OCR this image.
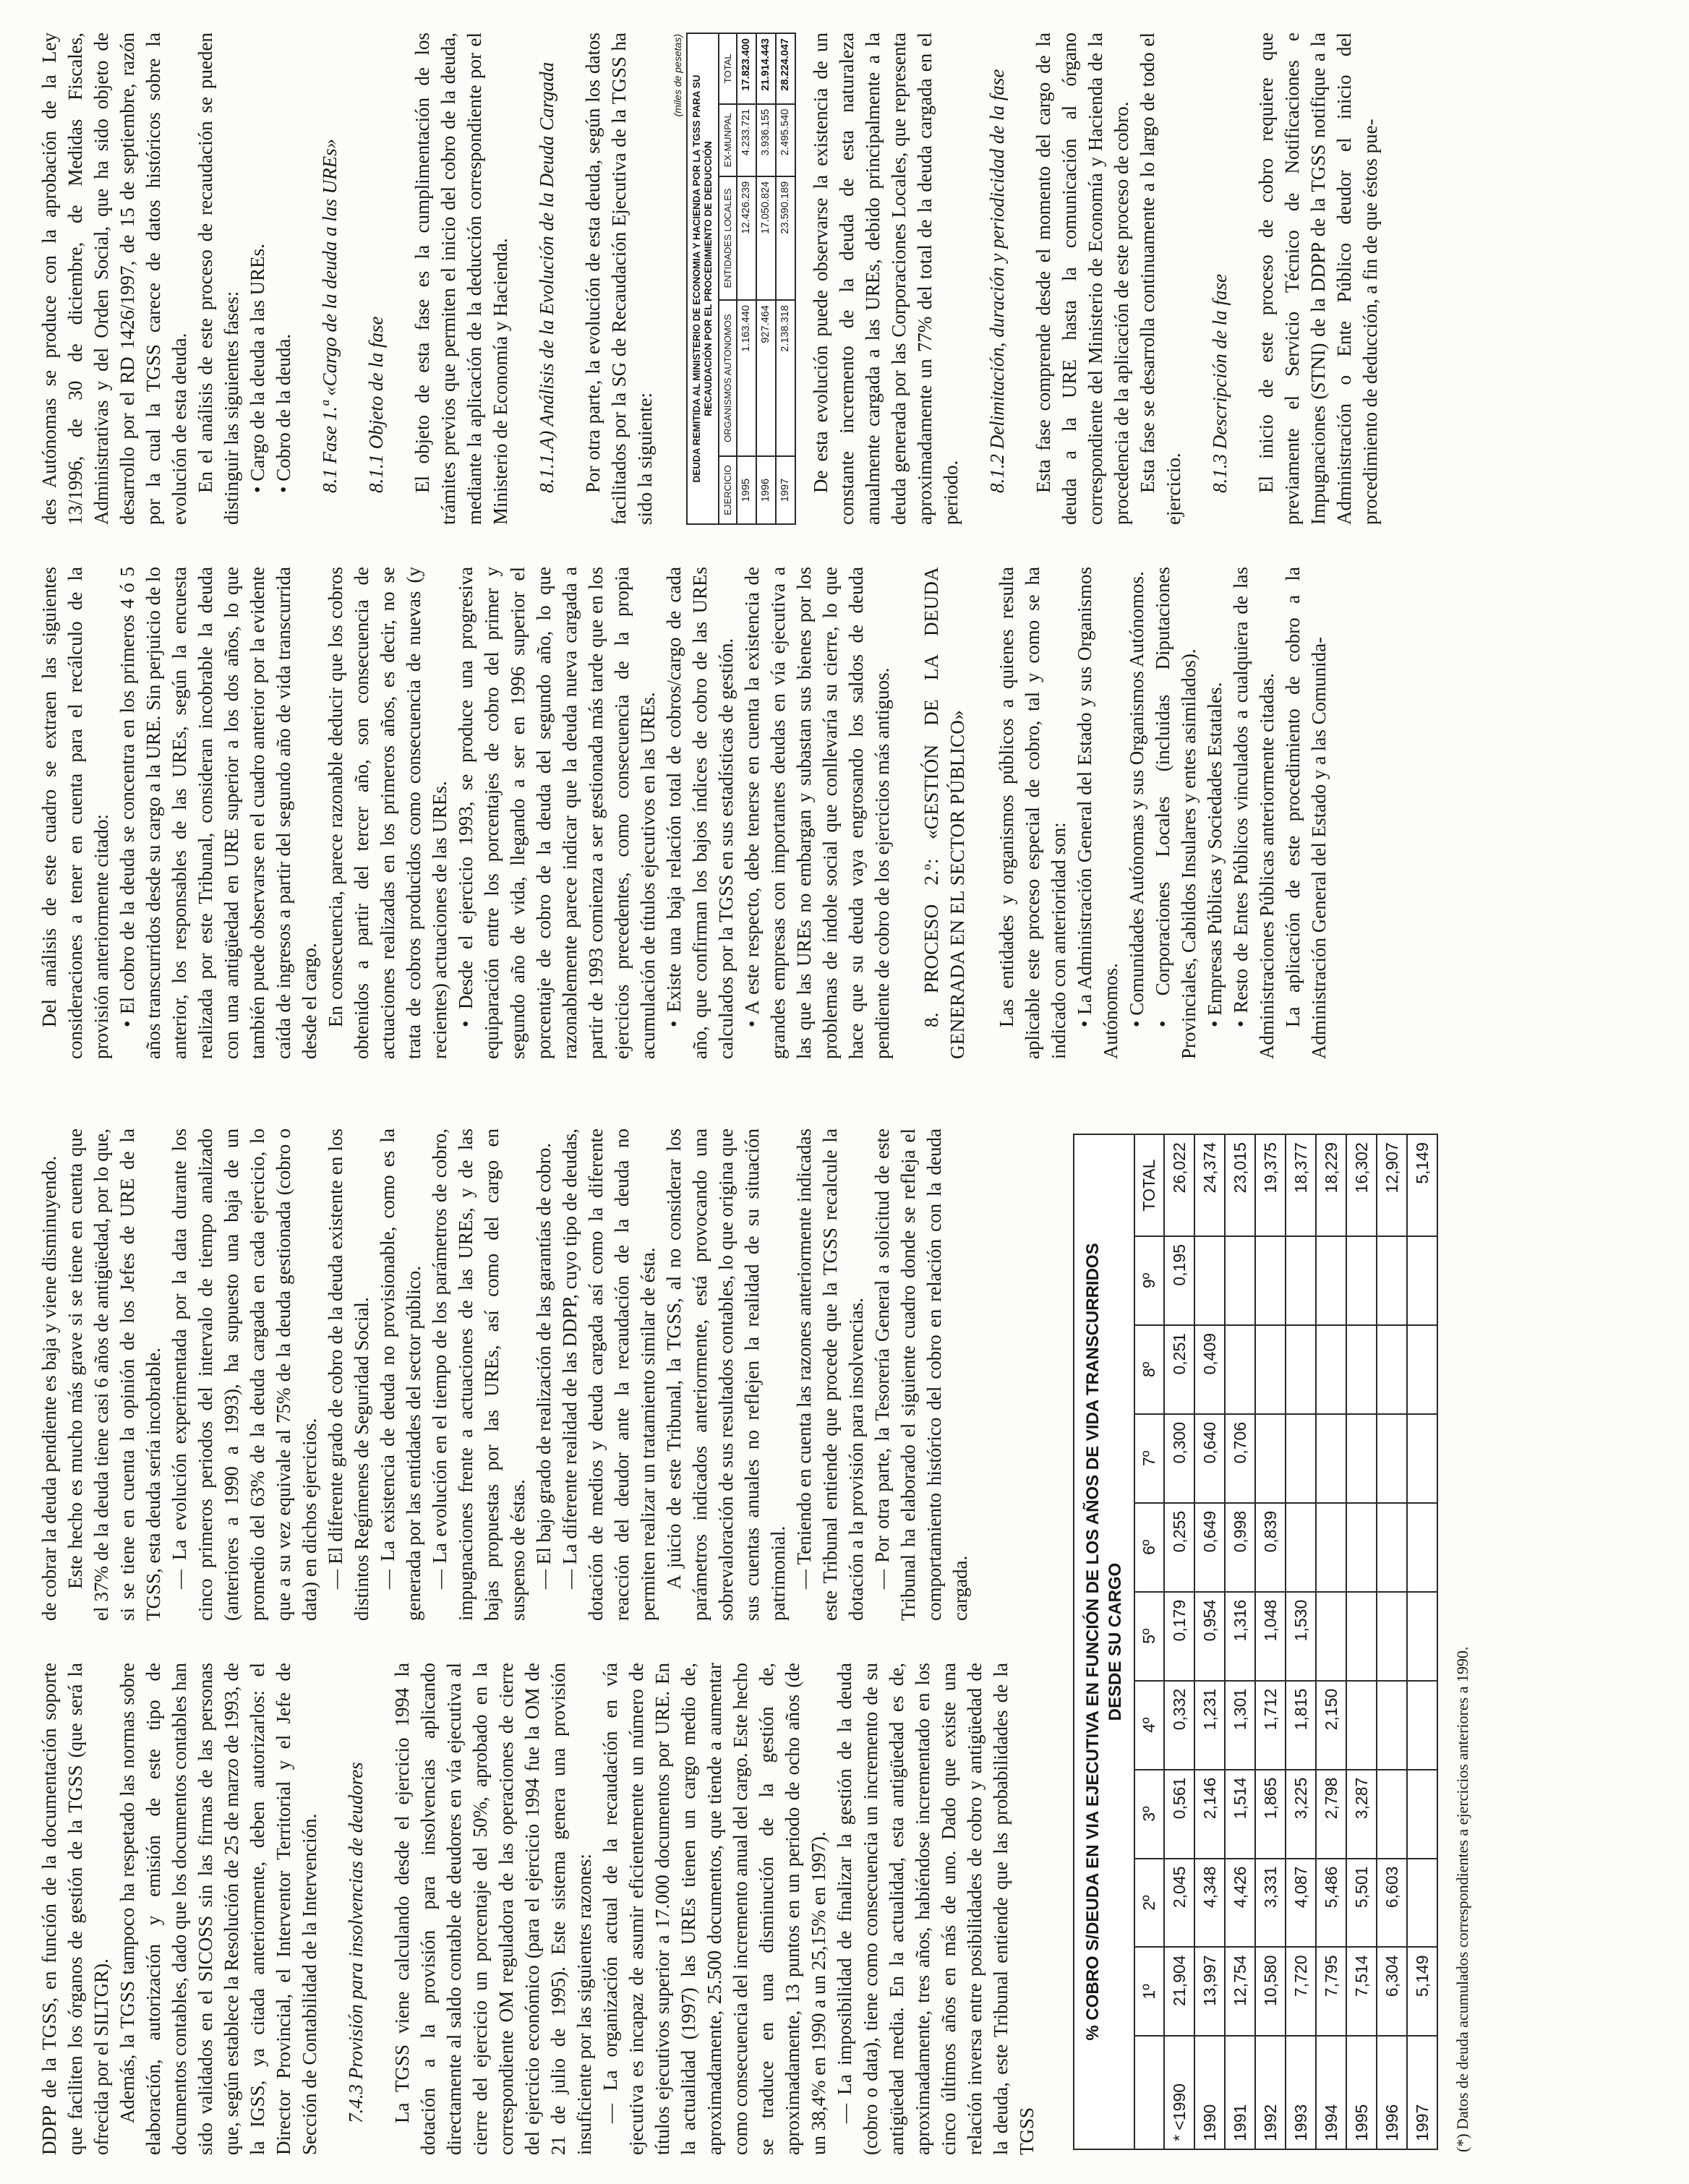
DDPP de la TGSS, en función de la documentación soporte que faciliten los órganos de gestión de la TGSS (que será la ofrecida por el SILTGR). Además, la TGSS tampoco ha respetado las normas sobre elaboración, autorización y emisión de este tipo de documentos contables, dado que los documentos contables han sido validados en el SICOSS sin las firmas de las personas que, según establece la Resolución de 25 de marzo de 1993, de la IGSS, ya citada anteriormente, deben autorizarlos: el Director Provincial, el Interventor Territorial y el Jefe de Sección de Contabilidad de la Intervención. 7.4.3 Provisión para insolvencias de deudores La TGSS viene calculando desde el ejercicio 1994 la dotación a la provisión para insolvencias aplicando directamente al saldo contable de deudores en vía ejecutiva al cierre del ejercicio un porcentaje del 50%, aprobado en la correspondiente OM reguladora de las operaciones de cierre del ejercicio económico (para el ejercicio 1994 fue la OM de 21 de julio de 1995). Este sistema genera una provisión insuficiente por las siguientes razones: — La organización actual de la recaudación en vía ejecutiva es incapaz de asumir eficientemente un número de títulos ejecutivos superior a 17.000 documentos por URE. En la actualidad (1997) las UREs tienen un cargo medio de, aproximadamente, 25.500 documentos, que tiende a aumentar como consecuencia del incremento anual del cargo. Este hecho se traduce en una disminución de la gestión de, aproximadamente, 13 puntos en un periodo de ocho años (de un 38,4% en 1990 a un 25,15% en 1997). — La imposibilidad de finalizar la gestión de la deuda (cobro o data), tiene como consecuencia un incremento de su antigüedad media. En la actualidad, esta antigüedad es de, aproximadamente, tres años, habiéndose incrementado en los cinco últimos años en más de uno. Dado que existe una relación inversa entre posibilidades de cobro y antigüedad de la deuda, este Tribunal entiende que las probabilidades de la TGSS

de cobrar la deuda pendiente es baja y viene disminuyendo. Este hecho es mucho más grave si se tiene en cuenta que el 37% de la deuda tiene casi 6 años de antigüedad, por lo que, si se tiene en cuenta la opinión de los Jefes de URE de la TGSS, esta deuda sería incobrable. — La evolución experimentada por la data durante los cinco primeros periodos del intervalo de tiempo analizado (anteriores a 1990 a 1993), ha supuesto una baja de un promedio del 63% de la deuda cargada en cada ejercicio, lo que a su vez equivale al 75% de la deuda gestionada (cobro o data) en dichos ejercicios. — El diferente grado de cobro de la deuda existente en los distintos Regímenes de Seguridad Social. — La existencia de deuda no provisionable, como es la generada por las entidades del sector público. — La evolución en el tiempo de los parámetros de cobro, impugnaciones frente a actuaciones de las UREs, y de las bajas propuestas por las UREs, así como del cargo en suspenso de éstas. — El bajo grado de realización de las garantías de cobro. — La diferente realidad de las DDPP, cuyo tipo de deudas, dotación de medios y deuda cargada así como la diferente reacción del deudor ante la recaudación de la deuda no permiten realizar un tratamiento similar de ésta. A juicio de este Tribunal, la TGSS, al no considerar los parámetros indicados anteriormente, está provocando una sobrevaloración de sus resultados contables, lo que origina que sus cuentas anuales no reflejen la realidad de su situación patrimonial. — Teniendo en cuenta las razones anteriormente indicadas este Tribunal entiende que procede que la TGSS recalcule la dotación a la provisión para insolvencias. — Por otra parte, la Tesorería General a solicitud de este Tribunal ha elaborado el siguiente cuadro donde se refleja el comportamiento histórico del cobro en relación con la deuda cargada.	% COBRO S/DEUDA EN VIA EJECUTIVA EN FUNCIÓN DE LOS AÑOS DE VIDA TRANSCURRIDOS DESDE SU CARGO										

	1º	2º	3º	4º	5º	6º	7º	8º	9º	TOTAL
* <1990	21,904	2,045	0,561	0,332	0,179	0,255	0,300	0,251	0,195	26,022
1990	13,997	4,348	2,146	1,231	0,954	0,649	0,640	0,409		24,374
1991	12,754	4,426	1,514	1,301	1,316	0,998	0,706			23,015
1992	10,580	3,331	1,865	1,712	1,048	0,839				19,375
1993	7,720	4,087	3,225	1,815	1,530					18,377
1994	7,795	5,486	2,798	2,150						18,229
1995	7,514	5,501	3,287							16,302
1996	6,304	6,603								12,907
1997	5,149									5,149

(*) Datos de deuda acumulados correspondientes a ejercicios anteriores a 1990.

Del análisis de este cuadro se extraen las siguientes consideraciones a tener en cuenta para el recálculo de la provisión anteriormente citado: • El cobro de la deuda se concentra en los primeros 4 ó 5 años transcurridos desde su cargo a la URE. Sin perjuicio de lo anterior, los responsables de las UREs, según la encuesta realizada por este Tribunal, consideran incobrable la deuda con una antigüedad en URE superior a los dos años, lo que también puede observarse en el cuadro anterior por la evidente caída de ingresos a partir del segundo año de vida transcurrida desde el cargo. En consecuencia, parece razonable deducir que los cobros obtenidos a partir del tercer año, son consecuencia de actuaciones realizadas en los primeros años, es decir, no se trata de cobros producidos como consecuencia de nuevas (y recientes) actuaciones de las UREs. • Desde el ejercicio 1993, se produce una progresiva equiparación entre los porcentajes de cobro del primer y segundo año de vida, llegando a ser en 1996 superior el porcentaje de cobro de la deuda del segundo año, lo que razonablemente parece indicar que la deuda nueva cargada a partir de 1993 comienza a ser gestionada más tarde que en los ejercicios precedentes, como consecuencia de la propia acumulación de títulos ejecutivos en las UREs. • Existe una baja relación total de cobros/cargo de cada año, que confirman los bajos índices de cobro de las UREs calculados por la TGSS en sus estadísticas de gestión. • A este respecto, debe tenerse en cuenta la existencia de grandes empresas con importantes deudas en vía ejecutiva a las que las UREs no embargan y subastan sus bienes por los problemas de índole social que conllevaría su cierre, lo que hace que su deuda vaya engrosando los saldos de deuda pendiente de cobro de los ejercicios más antiguos. 8. PROCESO 2.º: «GESTIÓN DE LA DEUDA GENERADA EN EL SECTOR PÚBLICO» Las entidades y organismos públicos a quienes resulta aplicable este proceso especial de cobro, tal y como se ha indicado con anterioridad son: • La Administración General del Estado y sus Organismos Autónomos. • Comunidades Autónomas y sus Organismos Autónomos. • Corporaciones Locales (incluidas Diputaciones Provinciales, Cabildos Insulares y entes asimilados). • Empresas Públicas y Sociedades Estatales. • Resto de Entes Públicos vinculados a cualquiera de las Administraciones Públicas anteriormente citadas. La aplicación de este procedimiento de cobro a la Administración General del Estado y a las Comunida-

des Autónomas se produce con la aprobación de la Ley 13/1996, de 30 de diciembre, de Medidas Fiscales, Administrativas y del Orden Social, que ha sido objeto de desarrollo por el RD 1426/1997, de 15 de septiembre, razón por la cual la TGSS carece de datos históricos sobre la evolución de esta deuda. En el análisis de este proceso de recaudación se pueden distinguir las siguientes fases: • Cargo de la deuda a las UREs. • Cobro de la deuda. 8.1 Fase 1.ª «Cargo de la deuda a las UREs» 8.1.1 Objeto de la fase El objeto de esta fase es la cumplimentación de los trámites previos que permiten el inicio del cobro de la deuda, mediante la aplicación de la deducción correspondiente por el Ministerio de Economía y Hacienda. 8.1.1.A) Análisis de la Evolución de la Deuda Cargada Por otra parte, la evolución de esta deuda, según los datos facilitados por la SG de Recaudación Ejecutiva de la TGSS ha sido la siguiente:

(miles de pesetas) DEUDA REMITIDA AL MINISTERIO DE ECONOMIA Y HACIENDA POR LA TGSS PARA SU RECAUDACIÓN POR EL PROCEDIMIENTO DE DEDUCCIÓN				

EJERCICIO	ORGANISMOS AUTONOMOS	ENTIDADES LOCALES	EX-MUNPAL	TOTAL
1995	1.163.440	12.426.239	4.233.721	17.823.400
1996	927.464	17.050.824	3.936.155	21.914.443
1997	2.138.318	23.590.189	2.495.540	28.224.047 De esta evolución puede observarse la existencia de un constante incremento de la deuda de esta naturaleza anualmente cargada a las UREs, debido principalmente a la deuda generada por las Corporaciones Locales, que representa aproximadamente un 77% del total de la deuda cargada en el periodo. 8.1.2 Delimitación, duración y periodicidad de la fase Esta fase comprende desde el momento del cargo de la deuda a la URE hasta la comunicación al órgano correspondiente del Ministerio de Economía y Hacienda de la procedencia de la aplicación de este proceso de cobro. Esta fase se desarrolla continuamente a lo largo de todo el ejercicio. 8.1.3 Descripción de la fase El inicio de este proceso de cobro requiere que previamente el Servicio Técnico de Notificaciones e Impugnaciones (STNI) de la DDPP de la TGSS notifique a la Administración o Ente Público deudor el inicio del procedimiento de deducción, a fin de que éstos pue-
